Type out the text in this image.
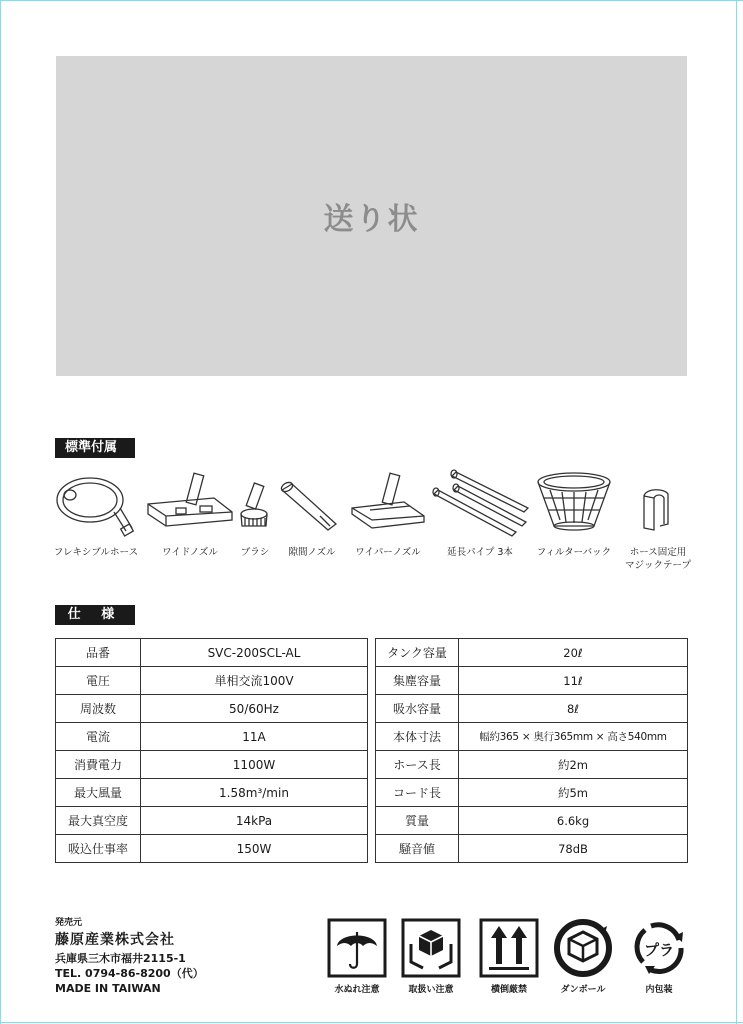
送り状
標準付属品
フレキシブルホース	ワイドノズル	ブラシ	隙間ノズル	ワイパーノズル	延長パイプ 3本	フィルターバック	ホース固定用
マジックテープ
仕 様
品番	SVC-200SCL-AL
電圧	単相交流100V
周波数	50/60Hz
電流	11A
消費電力	1100W
最大風量	1.58m³/min
最大真空度	14kPa
吸込仕事率	150W
タンク容量	20ℓ
集塵容量	11ℓ
吸水容量	8ℓ
本体寸法	幅約365 × 奥行365mm × 高さ540mm
ホース長	約2m
コード長	約5m
質量	6.6kg
騒音値	78dB
発売元
藤原産業株式会社
兵庫県三木市福井2115-1
TEL. 0794-86-8200（代）
MADE IN TAIWAN	水ぬれ注意	取扱い注意	横倒厳禁	ダンボール
プラ
内包装
